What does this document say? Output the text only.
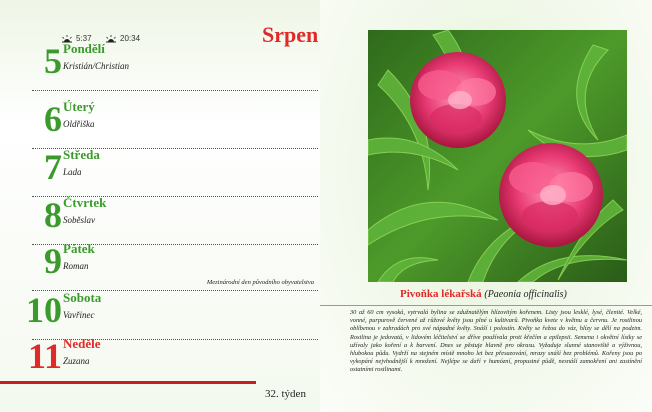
5:37	20:34	Srpen
5 Pondělí
Kristián/Christian
6 Úterý
Oldřiška
7 Středa
Lada
8 Čtvrtek
Soběslav
9 Pátek
Roman
Mezinárodní den původního obyvatelstva
10 Sobota
Vavřinec
11 Neděle
Zuzana
32. týden
Pivoňka lékařská (Paeonia officinalis)
30 až 60 cm vysoká, vytrvalá bylina se zdužnatělým hlízovitým kořenem. Listy jsou lesklé, lysé, členité. Velké, vonné, purpurově červené až růžové květy jsou plné u kultivarů. Pivoňka kvete v květnu a červnu. Je rostlinou oblíbenou v zahradách pro své nápadné květy. Snáší i polostín. Květy se řežou do váz, hlízy se dělí na podzim. Rostlina je jedovatá, v lidovém léčitelství se dříve používala proti křečím a epilepsii. Semena i okvětní lístky se užívaly jako koření a k barvení. Dnes se pěstuje hlavně pro okrasu. Vyžaduje slunné stanoviště a výživnou, hlubokou půdu. Vydrží na stejném místě mnoho let bez přesazování, mrazy snáší bez problémů. Kořeny jsou po vykopání nejvhodnější k množení. Nejlépe se daří v humózní, propustné půdě, nesnáší zamokření ani zastínění ostatními rostlinami.
